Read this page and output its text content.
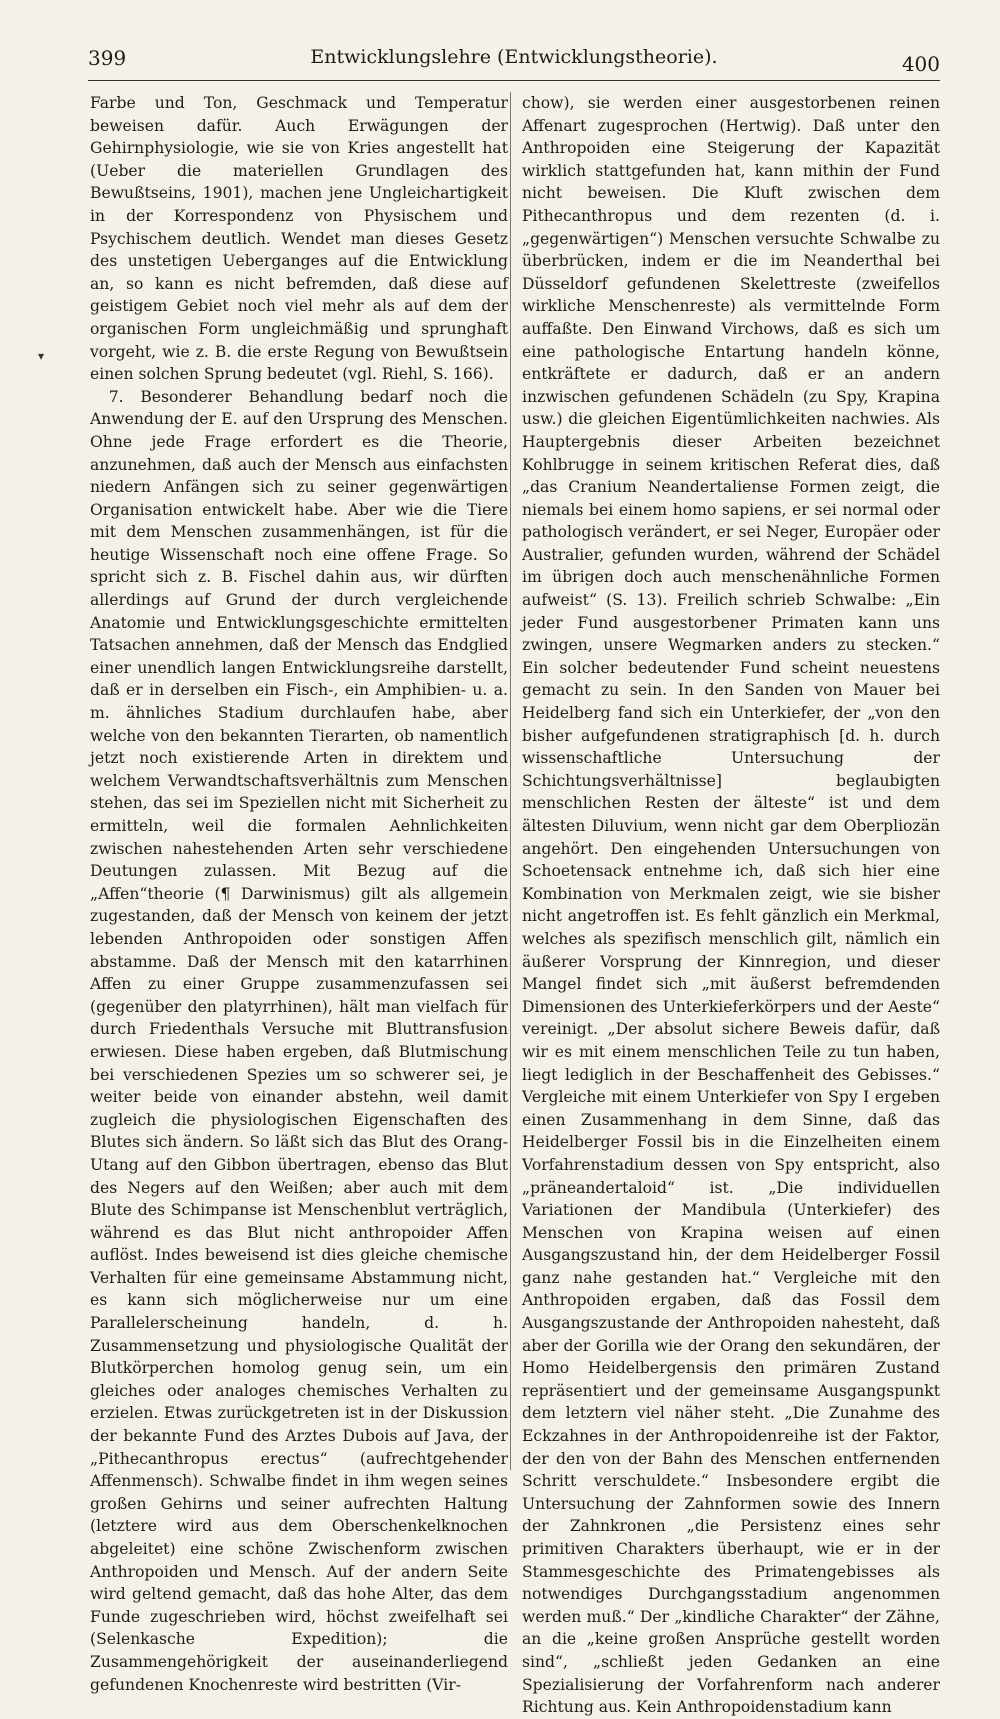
399	Entwicklungslehre (Entwicklungstheorie).	400
▾

Farbe und Ton, Geschmack und Temperatur beweisen dafür. Auch Erwägungen der Gehirnphysiologie, wie sie von Kries angestellt hat (Ueber die materiellen Grundlagen des Bewußtseins, 1901), machen jene Ungleichartigkeit in der Korrespondenz von Physischem und Psychischem deutlich. Wendet man dieses Gesetz des unstetigen Ueberganges auf die Entwicklung an, so kann es nicht befremden, daß diese auf geistigem Gebiet noch viel mehr als auf dem der organischen Form ungleichmäßig und sprunghaft vorgeht, wie z. B. die erste Regung von Bewußtsein einen solchen Sprung bedeutet (vgl. Riehl, S. 166).

7. Besonderer Behandlung bedarf noch die Anwendung der E. auf den Ursprung des Menschen. Ohne jede Frage erfordert es die Theorie, anzunehmen, daß auch der Mensch aus einfachsten niedern Anfängen sich zu seiner gegenwärtigen Organisation entwickelt habe. Aber wie die Tiere mit dem Menschen zusammenhängen, ist für die heutige Wissenschaft noch eine offene Frage. So spricht sich z. B. Fischel dahin aus, wir dürften allerdings auf Grund der durch vergleichende Anatomie und Entwicklungsgeschichte ermittelten Tatsachen annehmen, daß der Mensch das Endglied einer unendlich langen Entwicklungsreihe darstellt, daß er in derselben ein Fisch-, ein Amphibien- u. a. m. ähnliches Stadium durchlaufen habe, aber welche von den bekannten Tierarten, ob namentlich jetzt noch existierende Arten in direktem und welchem Verwandtschaftsverhältnis zum Menschen stehen, das sei im Speziellen nicht mit Sicherheit zu ermitteln, weil die formalen Aehnlichkeiten zwischen nahestehenden Arten sehr verschiedene Deutungen zulassen. Mit Bezug auf die „Affen“theorie (¶ Darwinismus) gilt als allgemein zugestanden, daß der Mensch von keinem der jetzt lebenden Anthropoiden oder sonstigen Affen abstamme. Daß der Mensch mit den katarrhinen Affen zu einer Gruppe zusammenzufassen sei (gegenüber den platyrrhinen), hält man vielfach für durch Friedenthals Versuche mit Bluttransfusion erwiesen. Diese haben ergeben, daß Blutmischung bei verschiedenen Spezies um so schwerer sei, je weiter beide von einander abstehn, weil damit zugleich die physiologischen Eigenschaften des Blutes sich ändern. So läßt sich das Blut des Orang-Utang auf den Gibbon übertragen, ebenso das Blut des Negers auf den Weißen; aber auch mit dem Blute des Schimpanse ist Menschenblut verträglich, während es das Blut nicht anthropoider Affen auflöst. Indes beweisend ist dies gleiche chemische Verhalten für eine gemeinsame Abstammung nicht, es kann sich möglicherweise nur um eine Parallelerscheinung handeln, d. h. Zusammensetzung und physiologische Qualität der Blutkörperchen homolog genug sein, um ein gleiches oder analoges chemisches Verhalten zu erzielen. Etwas zurückgetreten ist in der Diskussion der bekannte Fund des Arztes Dubois auf Java, der „Pithecanthropus erectus“ (aufrechtgehender Affenmensch). Schwalbe findet in ihm wegen seines großen Gehirns und seiner aufrechten Haltung (letztere wird aus dem Oberschenkelknochen abgeleitet) eine schöne Zwischenform zwischen Anthropoiden und Mensch. Auf der andern Seite wird geltend gemacht, daß das hohe Alter, das dem Funde zugeschrieben wird, höchst zweifelhaft sei (Selenkasche Expedition); die Zusammengehörigkeit der auseinanderliegend gefundenen Knochenreste wird bestritten (Vir-

chow), sie werden einer ausgestorbenen reinen Affenart zugesprochen (Hertwig). Daß unter den Anthropoiden eine Steigerung der Kapazität wirklich stattgefunden hat, kann mithin der Fund nicht beweisen. Die Kluft zwischen dem Pithecanthropus und dem rezenten (d. i. „gegenwärtigen“) Menschen versuchte Schwalbe zu überbrücken, indem er die im Neanderthal bei Düsseldorf gefundenen Skelettreste (zweifellos wirkliche Menschenreste) als vermittelnde Form auffaßte. Den Einwand Virchows, daß es sich um eine pathologische Entartung handeln könne, entkräftete er dadurch, daß er an andern inzwischen gefundenen Schädeln (zu Spy, Krapina usw.) die gleichen Eigentümlichkeiten nachwies. Als Hauptergebnis dieser Arbeiten bezeichnet Kohlbrugge in seinem kritischen Referat dies, daß „das Cranium Neandertaliense Formen zeigt, die niemals bei einem homo sapiens, er sei normal oder pathologisch verändert, er sei Neger, Europäer oder Australier, gefunden wurden, während der Schädel im übrigen doch auch menschenähnliche Formen aufweist“ (S. 13). Freilich schrieb Schwalbe: „Ein jeder Fund ausgestorbener Primaten kann uns zwingen, unsere Wegmarken anders zu stecken.“ Ein solcher bedeutender Fund scheint neuestens gemacht zu sein. In den Sanden von Mauer bei Heidelberg fand sich ein Unterkiefer, der „von den bisher aufgefundenen stratigraphisch [d. h. durch wissenschaftliche Untersuchung der Schichtungsverhältnisse] beglaubigten menschlichen Resten der älteste“ ist und dem ältesten Diluvium, wenn nicht gar dem Oberpliozän angehört. Den eingehenden Untersuchungen von Schoetensack entnehme ich, daß sich hier eine Kombination von Merkmalen zeigt, wie sie bisher nicht angetroffen ist. Es fehlt gänzlich ein Merkmal, welches als spezifisch menschlich gilt, nämlich ein äußerer Vorsprung der Kinnregion, und dieser Mangel findet sich „mit äußerst befremdenden Dimensionen des Unterkieferkörpers und der Aeste“ vereinigt. „Der absolut sichere Beweis dafür, daß wir es mit einem menschlichen Teile zu tun haben, liegt lediglich in der Beschaffenheit des Gebisses.“ Vergleiche mit einem Unterkiefer von Spy I ergeben einen Zusammenhang in dem Sinne, daß das Heidelberger Fossil bis in die Einzelheiten einem Vorfahrenstadium dessen von Spy entspricht, also „präneandertaloid“ ist. „Die individuellen Variationen der Mandibula (Unterkiefer) des Menschen von Krapina weisen auf einen Ausgangszustand hin, der dem Heidelberger Fossil ganz nahe gestanden hat.“ Vergleiche mit den Anthropoiden ergaben, daß das Fossil dem Ausgangszustande der Anthropoiden nahesteht, daß aber der Gorilla wie der Orang den sekundären, der Homo Heidelbergensis den primären Zustand repräsentiert und der gemeinsame Ausgangspunkt dem letztern viel näher steht. „Die Zunahme des Eckzahnes in der Anthropoidenreihe ist der Faktor, der den von der Bahn des Menschen entfernenden Schritt verschuldete.“ Insbesondere ergibt die Untersuchung der Zahnformen sowie des Innern der Zahnkronen „die Persistenz eines sehr primitiven Charakters überhaupt, wie er in der Stammesgeschichte des Primatengebisses als notwendiges Durchgangsstadium angenommen werden muß.“ Der „kindliche Charakter“ der Zähne, an die „keine großen Ansprüche gestellt worden sind“, „schließt jeden Gedanken an eine Spezialisierung der Vorfahrenform nach anderer Richtung aus. Kein Anthropoidenstadium kann
